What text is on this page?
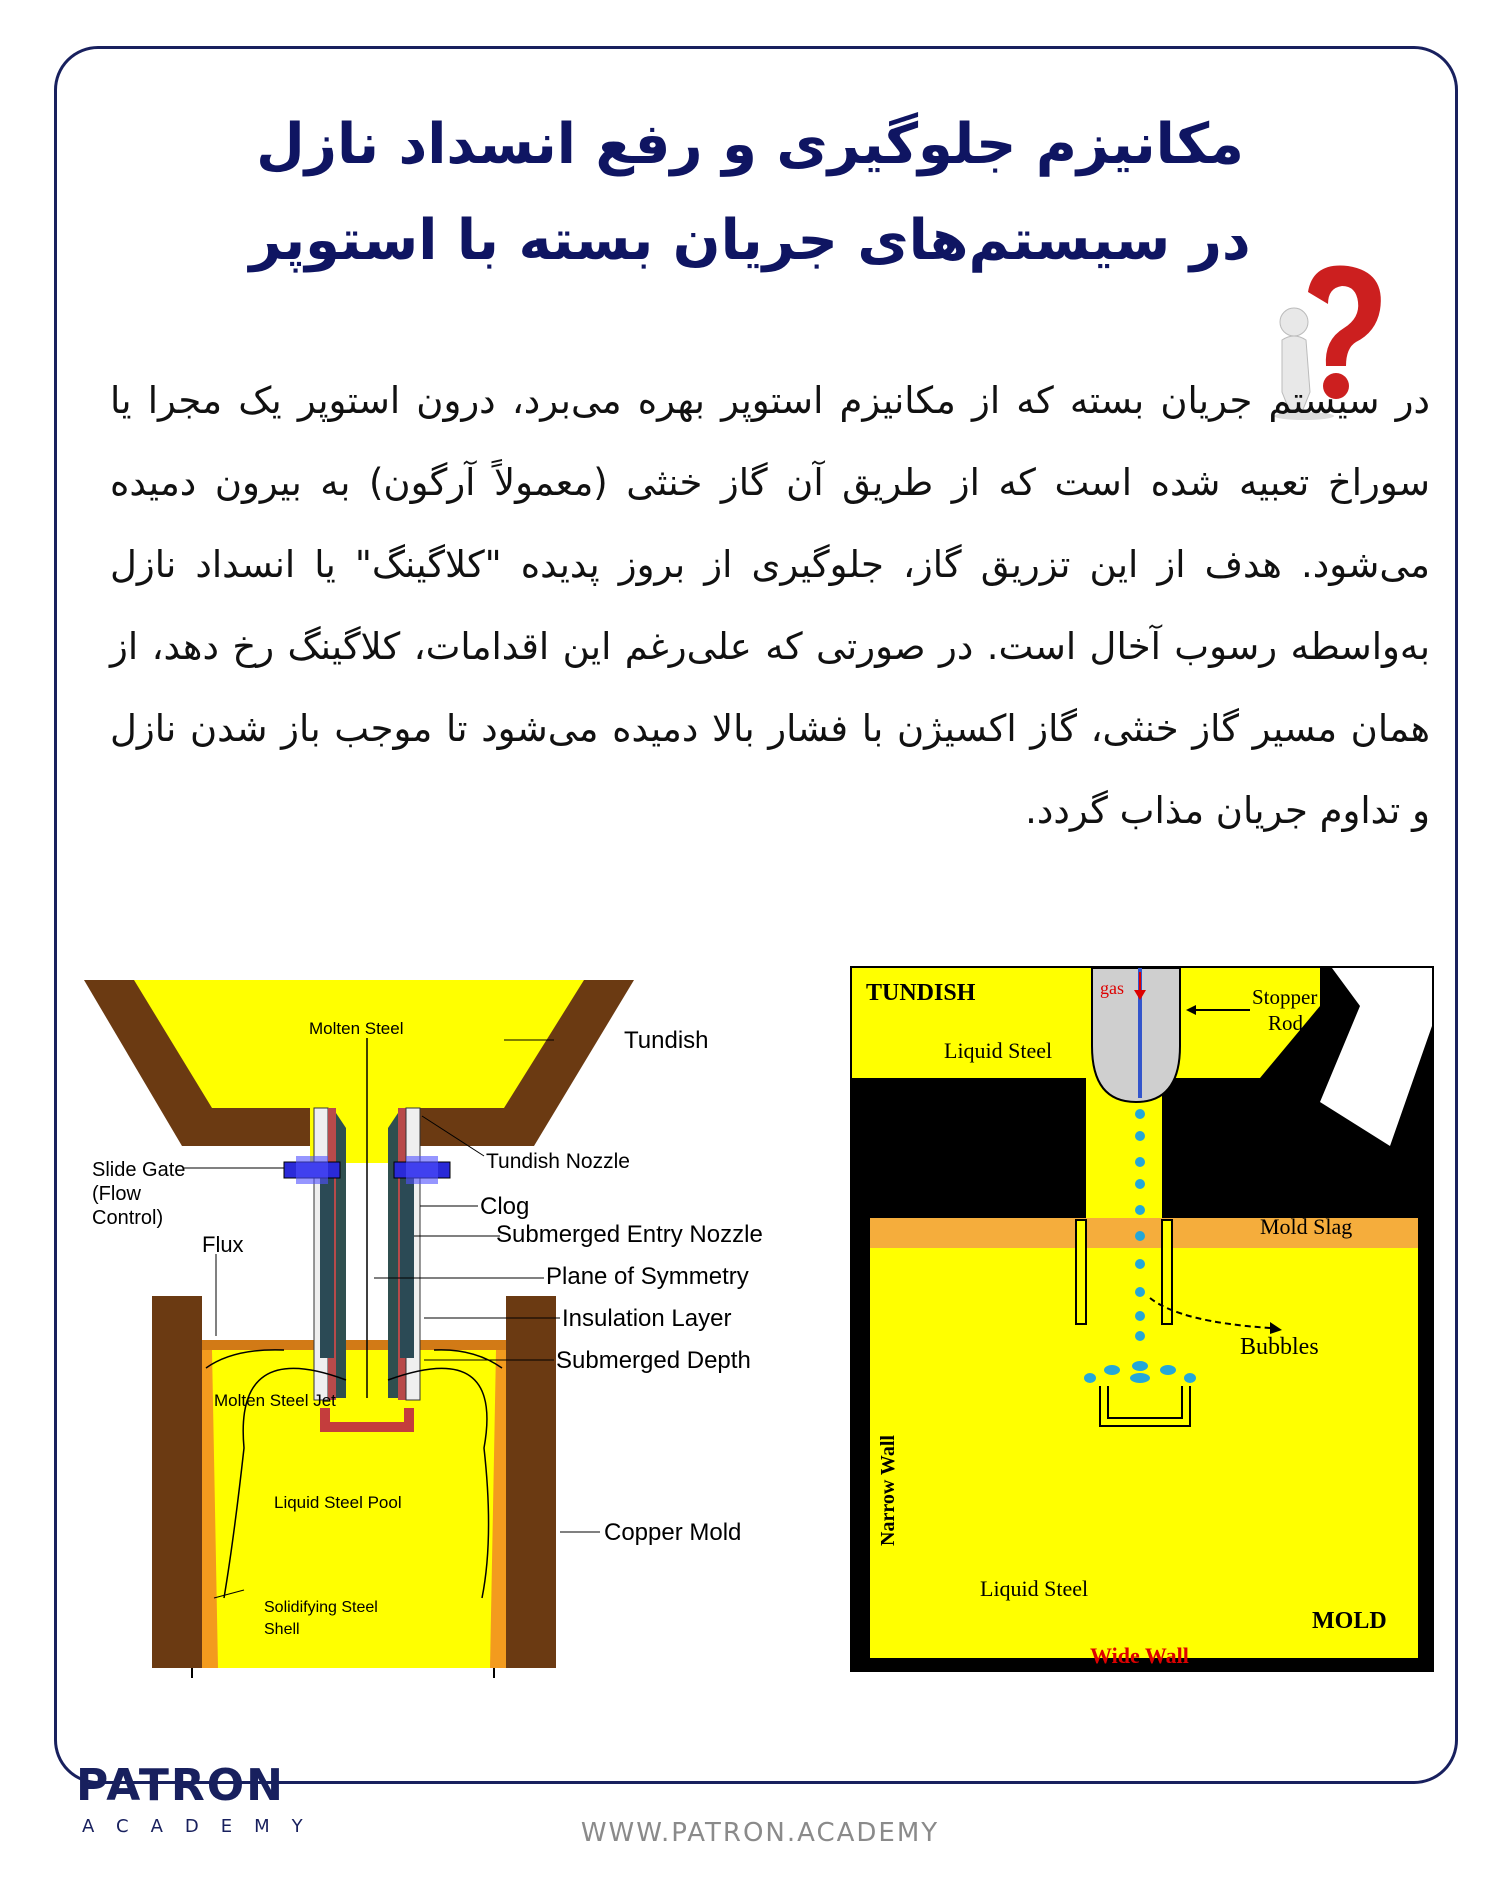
مکانیزم جلوگیری و رفع انسداد نازل
در سیستم‌های جریان بسته با استوپر
در سیستم جریان بسته که از مکانیزم استوپر بهره می‌برد، درون استوپر یک مجرا یا سوراخ تعبیه شده است که از طریق آن گاز خنثی (معمولاً آرگون) به بیرون دمیده می‌شود. هدف از این تزریق گاز، جلوگیری از بروز پدیده "کلاگینگ" یا انسداد نازل به‌واسطه رسوب آخال است. در صورتی که علی‌رغم این اقدامات، کلاگینگ رخ دهد، از همان مسیر گاز خنثی، گاز اکسیژن با فشار بالا دمیده می‌شود تا موجب باز شدن نازل و تداوم جریان مذاب گردد.
Molten Steel	Tundish
Tundish Nozzle
Slide Gate
(Flow
Control)
Flux
Clog
Submerged Entry Nozzle
Plane of Symmetry
Insulation Layer
Submerged Depth
Molten Steel Jet
Liquid Steel Pool
Copper Mold
Solidifying Steel
Shell
TUNDISH	gas	Stopper
Rod
Liquid Steel
Mold Slag
Bubbles
Narrow Wall
Liquid Steel
MOLD
Wide Wall
PATRON
ACADEMY	WWW.PATRON.ACADEMY
